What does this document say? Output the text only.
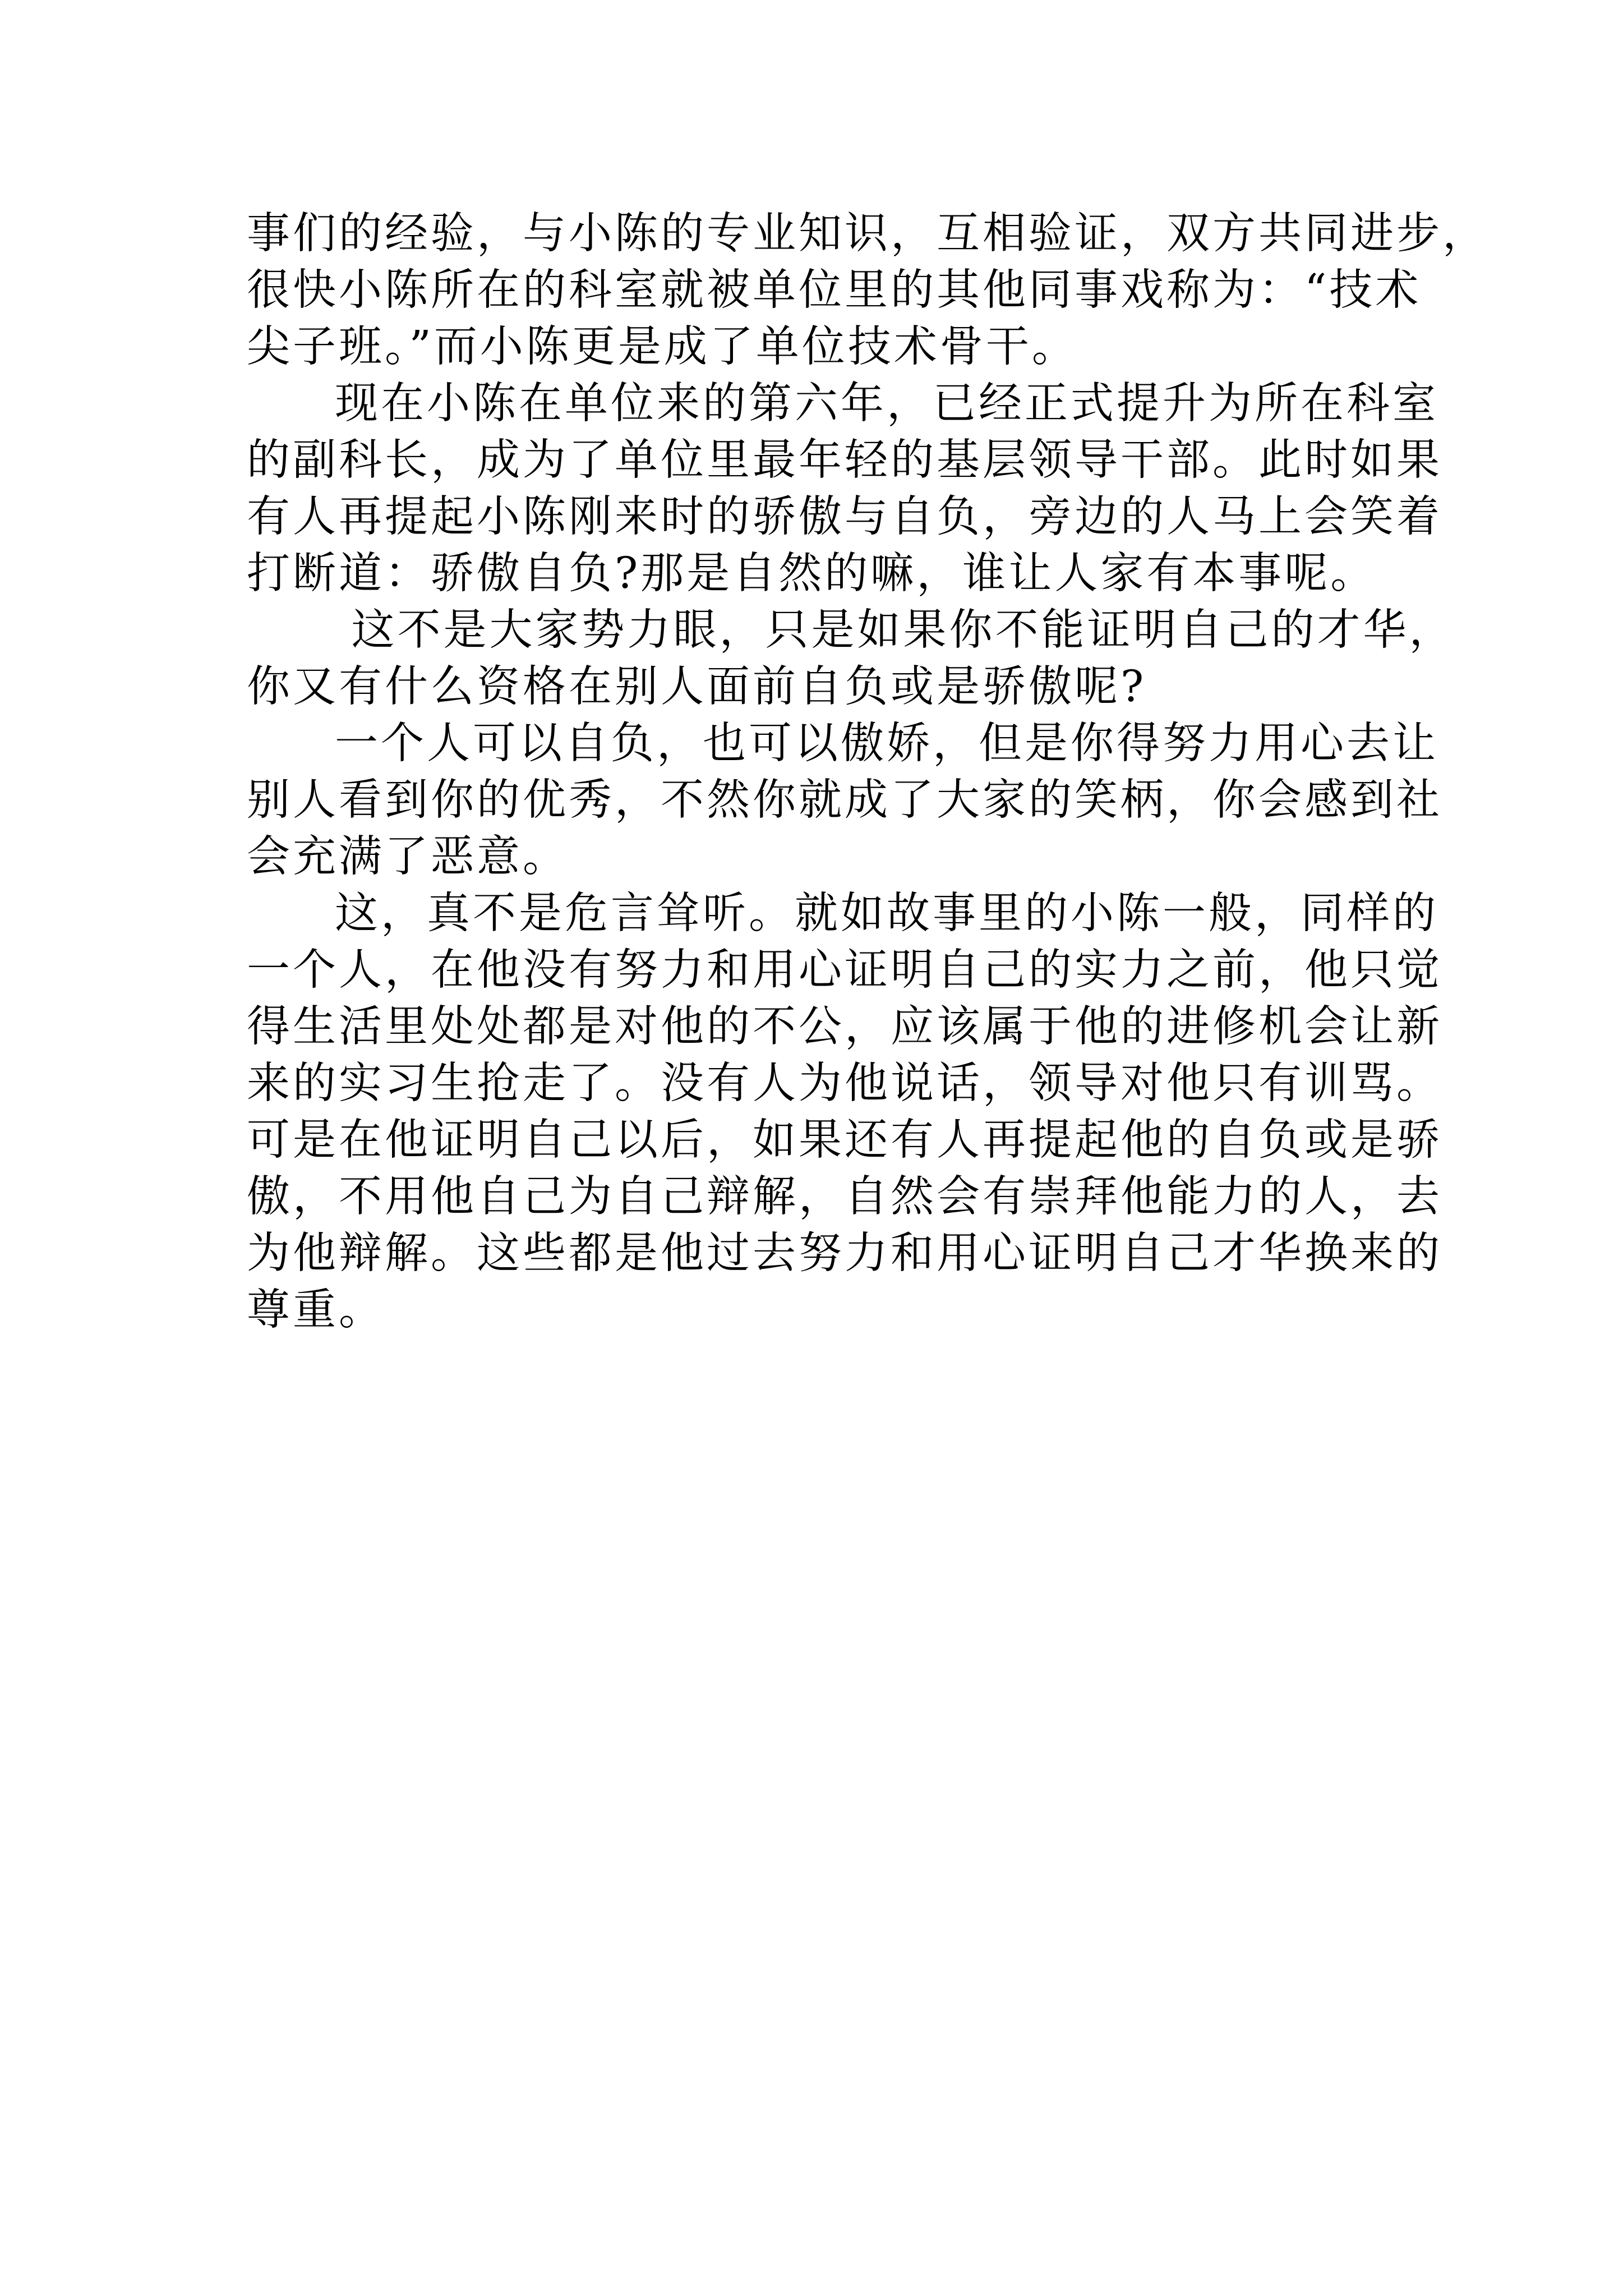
事们的经验，与小陈的专业知识，互相验证，双方共同进步，
很快小陈所在的科室就被单位里的其他同事戏称为：“技术
尖子班。”而小陈更是成了单位技术骨干。
现在小陈在单位来的第六年，已经正式提升为所在科室
的副科长，成为了单位里最年轻的基层领导干部。此时如果
有人再提起小陈刚来时的骄傲与自负，旁边的人马上会笑着
打断道：骄傲自负?那是自然的嘛，谁让人家有本事呢。
这不是大家势力眼，只是如果你不能证明自己的才华，
你又有什么资格在别人面前自负或是骄傲呢?
一个人可以自负，也可以傲娇，但是你得努力用心去让
别人看到你的优秀，不然你就成了大家的笑柄，你会感到社
会充满了恶意。
这，真不是危言耸听。就如故事里的小陈一般，同样的
一个人，在他没有努力和用心证明自己的实力之前，他只觉
得生活里处处都是对他的不公，应该属于他的进修机会让新
来的实习生抢走了。没有人为他说话，领导对他只有训骂。
可是在他证明自己以后，如果还有人再提起他的自负或是骄
傲，不用他自己为自己辩解，自然会有崇拜他能力的人，去
为他辩解。这些都是他过去努力和用心证明自己才华换来的
尊重。
